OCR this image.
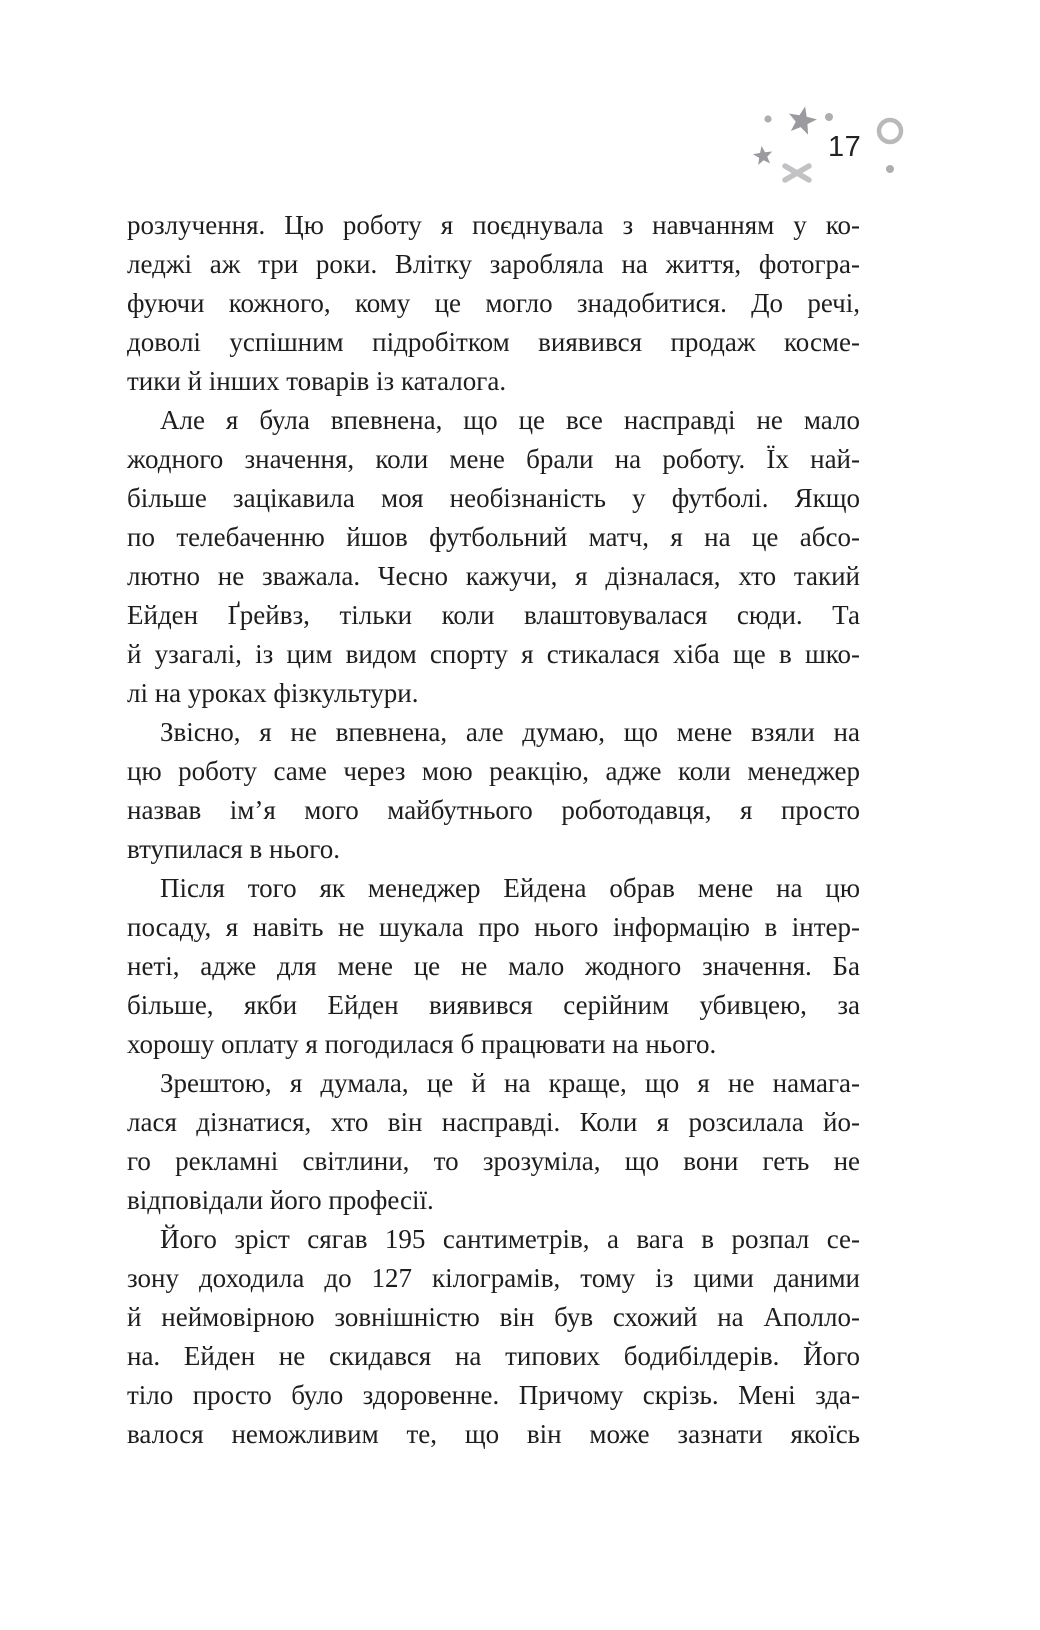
17
розлучення. Цю роботу я поєднувала з навчанням у ко-
леджі аж три роки. Влітку заробляла на життя, фотогра-
фуючи кожного, кому це могло знадобитися. До речі,
доволі успішним підробітком виявився продаж косме-
тики й інших товарів із каталога.
Але я була впевнена, що це все насправді не мало
жодного значення, коли мене брали на роботу. Їх най-
більше зацікавила моя необізнаність у футболі. Якщо
по телебаченню йшов футбольний матч, я на це абсо-
лютно не зважала. Чесно кажучи, я дізналася, хто такий
Ейден Ґрейвз, тільки коли влаштовувалася сюди. Та
й узагалі, із цим видом спорту я стикалася хіба ще в шко-
лі на уроках фізкультури.
Звісно, я не впевнена, але думаю, що мене взяли на
цю роботу саме через мою реакцію, адже коли менеджер
назвав ім’я мого майбутнього роботодавця, я просто
втупилася в нього.
Після того як менеджер Ейдена обрав мене на цю
посаду, я навіть не шукала про нього інформацію в інтер-
неті, адже для мене це не мало жодного значення. Ба
більше, якби Ейден виявився серійним убивцею, за
хорошу оплату я погодилася б працювати на нього.
Зрештою, я думала, це й на краще, що я не намага-
лася дізнатися, хто він насправді. Коли я розсилала йо-
го рекламні світлини, то зрозуміла, що вони геть не
відповідали його професії.
Його зріст сягав 195 сантиметрів, а вага в розпал се-
зону доходила до 127 кілограмів, тому із цими даними
й неймовірною зовнішністю він був схожий на Аполло-
на. Ейден не скидався на типових бодибілдерів. Його
тіло просто було здоровенне. Причому скрізь. Мені зда-
валося неможливим те, що він може зазнати якоїсь
